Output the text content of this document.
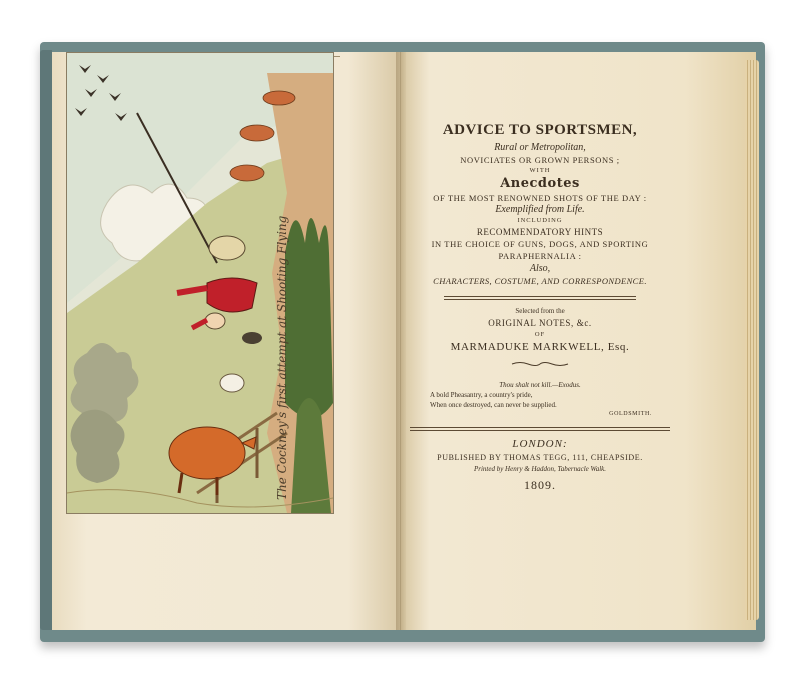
The Cockney's first attempt at Shooting Flying
ADVICE TO SPORTSMEN,
Rural or Metropolitan,
NOVICIATES OR GROWN PERSONS ;
WITH
Anecdotes
OF THE MOST RENOWNED SHOTS OF THE DAY :
Exemplified from Life.
INCLUDING
RECOMMENDATORY HINTS
IN THE CHOICE OF GUNS, DOGS, AND SPORTING
PARAPHERNALIA :
Also,
CHARACTERS, COSTUME, AND CORRESPONDENCE.
Selected from the
ORIGINAL NOTES, &c.
OF
MARMADUKE MARKWELL, Esq.
Thou shalt not kill.—Exodus.
A bold Pheasantry, a country's pride,
When once destroyed, can never be supplied.
GOLDSMITH.
LONDON:
PUBLISHED BY THOMAS TEGG, 111, CHEAPSIDE.
Printed by Henry & Haddon, Tabernacle Walk.
1809.
